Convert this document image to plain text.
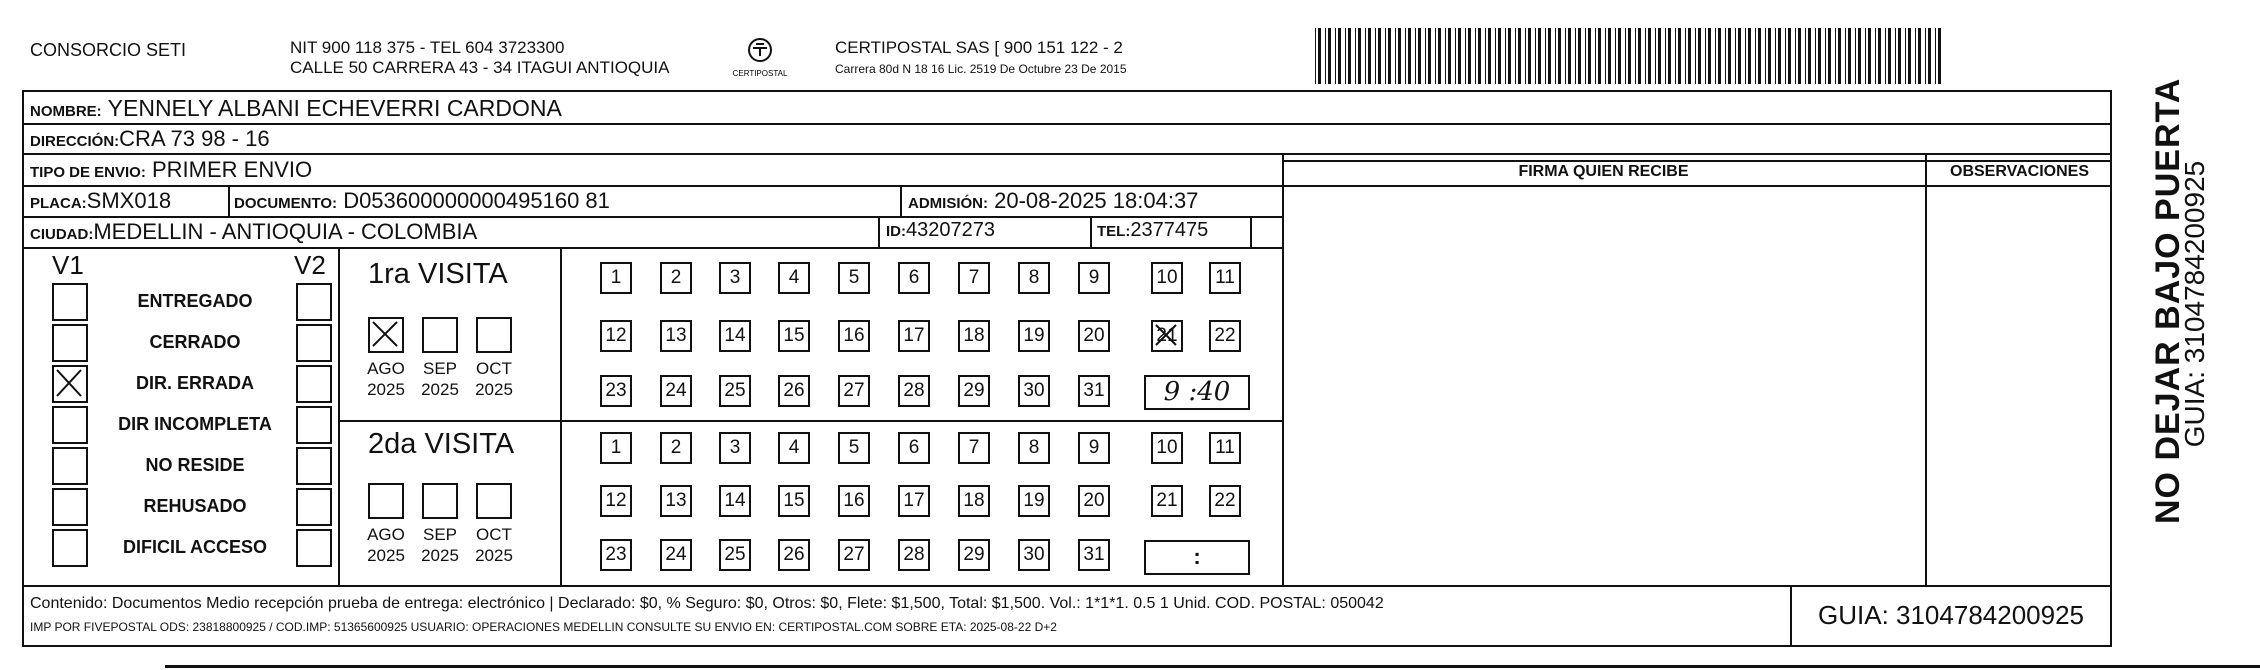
CONSORCIO SETI	NIT 900 118 375 - TEL 604 3723300
CALLE 50 CARRERA 43 - 34 ITAGUI ANTIOQUIA	CERTIPOSTAL
CERTIPOSTAL SAS [ 900 151 122 - 2
Carrera 80d N 18 16 Lic. 2519 De Octubre 23 De 2015
NOMBRE: YENNELY ALBANI ECHEVERRI CARDONA
DIRECCIÓN:CRA 73 98 - 16
TIPO DE ENVIO: PRIMER ENVIO
PLACA:SMX018	DOCUMENTO: D053600000000495160 81	ADMISIÓN: 20-08-2025 18:04:37
CIUDAD:MEDELLIN - ANTIOQUIA - COLOMBIA	ID:43207273	TEL:2377475
FIRMA QUIEN RECIBE	OBSERVACIONES
V1	V2
ENTREGADO
CERRADO
DIR. ERRADA
DIR INCOMPLETA
NO RESIDE
REHUSADO
DIFICIL ACCESO
1ra VISITA
AGO
2025
SEP
2025
OCT
2025
1	2	3	4	5	6	7	8	9	10	11
12 13 14 15 16 17 18 19 20	21 22
23 24 25 26 27 28 29 30 31	9 :40
2da VISITA
AGO
2025
SEP
2025
OCT
2025
1	2	3	4	5	6	7	8	9	10	11
12 13 14 15 16 17 18 19 20	21 22
23 24 25 26 27 28 29 30 31	:
Contenido: Documentos Medio recepción prueba de entrega: electrónico | Declarado: $0, % Seguro: $0, Otros: $0, Flete: $1,500, Total: $1,500. Vol.: 1*1*1. 0.5 1 Unid. COD. POSTAL: 050042
IMP POR FIVEPOSTAL ODS: 23818800925 / COD.IMP: 51365600925 USUARIO: OPERACIONES MEDELLIN CONSULTE SU ENVIO EN: CERTIPOSTAL.COM SOBRE ETA: 2025-08-22 D+2	GUIA: 3104784200925
NO DEJAR BAJO PUERTA
GUIA: 3104784200925
